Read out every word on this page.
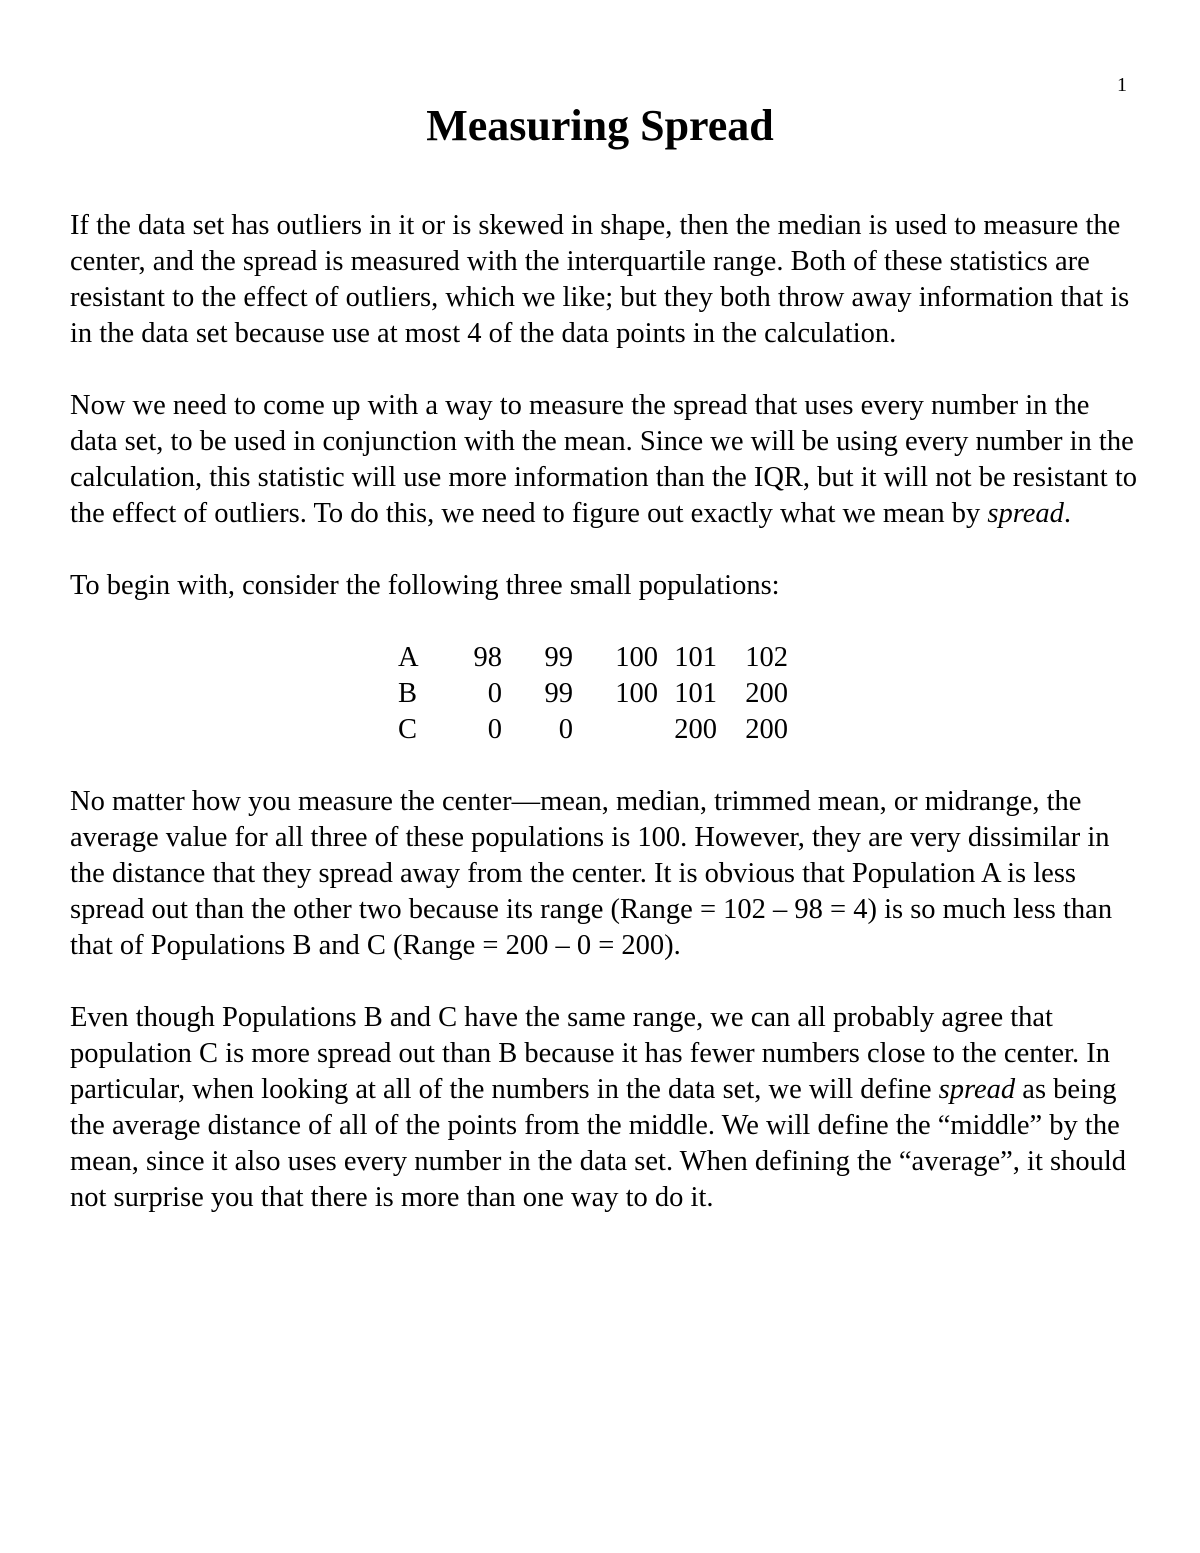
1
Measuring Spread

If the data set has outliers in it or is skewed in shape, then the median is used to measure the center, and the spread is measured with the interquartile range. Both of these statistics are resistant to the effect of outliers, which we like; but they both throw away information that is in the data set because use at most 4 of the data points in the calculation.

Now we need to come up with a way to measure the spread that uses every number in the data set, to be used in conjunction with the mean. Since we will be using every number in the calculation, this statistic will use more information than the IQR, but it will not be resistant to the effect of outliers. To do this, we need to figure out exactly what we mean by spread.

To begin with, consider the following three small populations:

A	98	99	100	101	102
B	0	99	100	101	200
C	0	0		200	200

No matter how you measure the center—mean, median, trimmed mean, or midrange, the average value for all three of these populations is 100. However, they are very dissimilar in the distance that they spread away from the center. It is obvious that Population A is less spread out than the other two because its range (Range = 102 – 98 = 4) is so much less than that of Populations B and C (Range = 200 – 0 = 200).

Even though Populations B and C have the same range, we can all probably agree that population C is more spread out than B because it has fewer numbers close to the center. In particular, when looking at all of the numbers in the data set, we will define spread as being the average distance of all of the points from the middle. We will define the “middle” by the mean, since it also uses every number in the data set. When defining the “average”, it should not surprise you that there is more than one way to do it.
